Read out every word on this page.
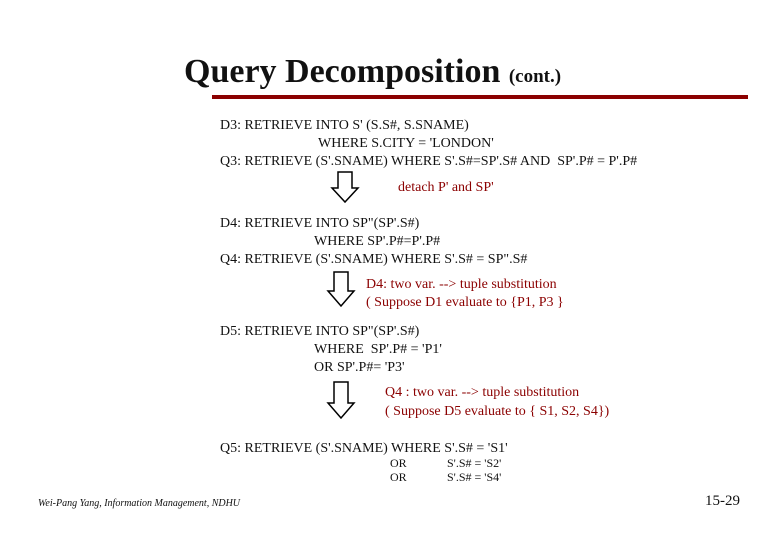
Query Decomposition (cont.)
D3: RETRIEVE INTO S' (S.S#, S.SNAME)
WHERE S.CITY = 'LONDON'
Q3: RETRIEVE (S'.SNAME) WHERE S'.S#=SP'.S# AND  SP'.P# = P'.P#
detach P' and SP'
D4: RETRIEVE INTO SP"(SP'.S#)
WHERE SP'.P#=P'.P#
Q4: RETRIEVE (S'.SNAME) WHERE S'.S# = SP".S#
D4: two var. --> tuple substitution
( Suppose D1 evaluate to {P1, P3 }
D5: RETRIEVE INTO SP"(SP'.S#)
WHERE  SP'.P# = 'P1'
OR SP'.P#= 'P3'
Q4 : two var. --> tuple substitution
( Suppose D5 evaluate to { S1, S2, S4})
Q5: RETRIEVE (S'.SNAME) WHERE S'.S# = 'S1'
OR	S'.S# = 'S2'
OR	S'.S# = 'S4'
Wei-Pang Yang, Information Management, NDHU	15-29
